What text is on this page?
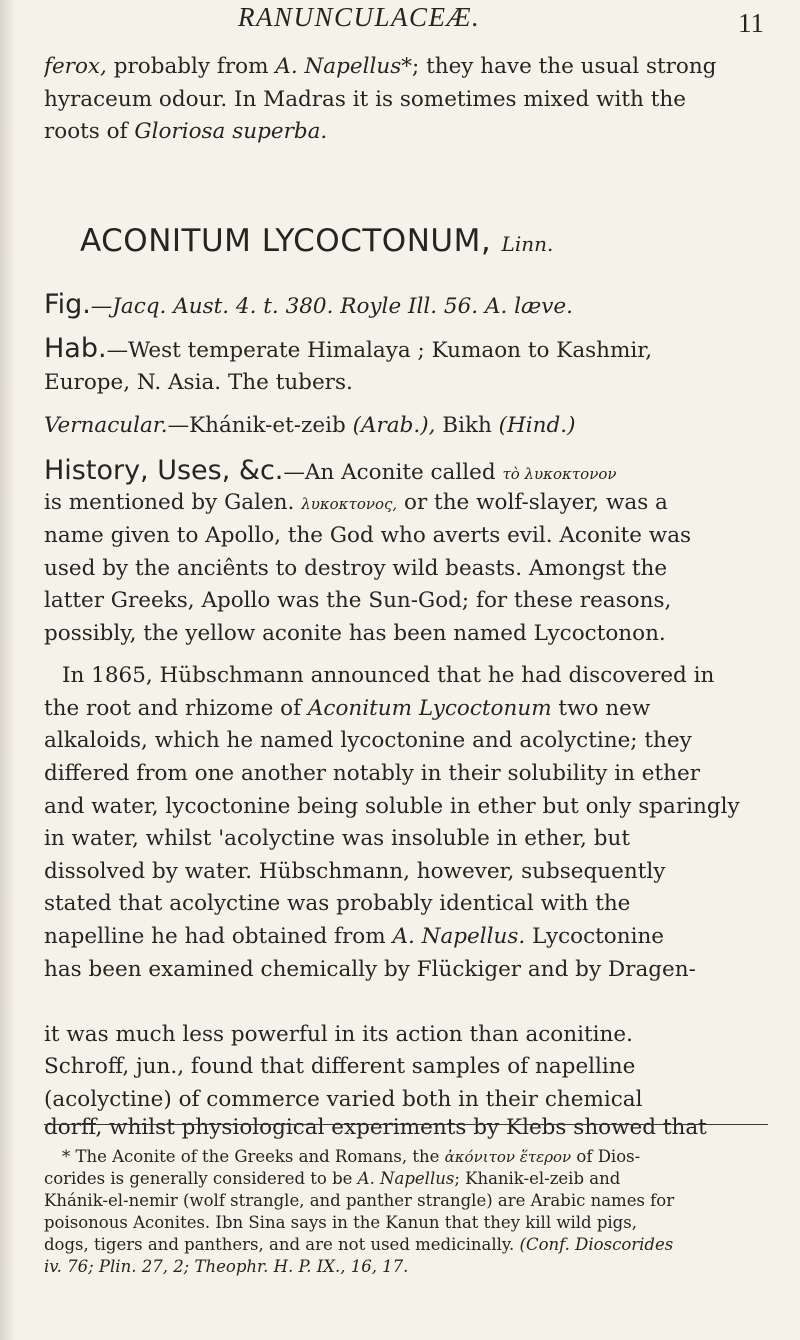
RANUNCULACEÆ.	11
ferox, probably from A. Napellus*; they have the usual strong
hyraceum odour. In Madras it is sometimes mixed with the
roots of Gloriosa superba.
ACONITUM LYCOCTONUM, Linn.
Fig.—Jacq. Aust. 4. t. 380. Royle Ill. 56. A. læve.
Hab.—West temperate Himalaya ; Kumaon to Kashmir,
Europe, N. Asia. The tubers.
Vernacular.—Khánik-et-zeib (Arab.), Bikh (Hind.)
History, Uses, &c.—An Aconite called τὸ λυκοκτονον
is mentioned by Galen. λυκοκτονος, or the wolf-slayer, was a
name given to Apollo, the God who averts evil. Aconite was
used by the anciênts to destroy wild beasts. Amongst the
latter Greeks, Apollo was the Sun-God; for these reasons,
possibly, the yellow aconite has been named Lycoctonon.
In 1865, Hübschmann announced that he had discovered in
the root and rhizome of Aconitum Lycoctonum two new
alkaloids, which he named lycoctonine and acolyctine; they
differed from one another notably in their solubility in ether
and water, lycoctonine being soluble in ether but only sparingly
in water, whilst 'acolyctine was insoluble in ether, but
dissolved by water. Hübschmann, however, subsequently
stated that acolyctine was probably identical with the
napelline he had obtained from A. Napellus. Lycoctonine
has been examined chemically by Flückiger and by Dragen-
dorff, whilst physiological experiments by Klebs showed that
it was much less powerful in its action than aconitine.
Schroff, jun., found that different samples of napelline
(acolyctine) of commerce varied both in their chemical
* The Aconite of the Greeks and Romans, the ἀκόνιτον ἕτερον of Dios-
corides is generally considered to be A. Napellus; Khanik-el-zeib and
Khánik-el-nemir (wolf strangle, and panther strangle) are Arabic names for
poisonous Aconites. Ibn Sina says in the Kanun that they kill wild pigs,
dogs, tigers and panthers, and are not used medicinally. (Conf. Dioscorides
iv. 76; Plin. 27, 2; Theophr. H. P. IX., 16, 17.
